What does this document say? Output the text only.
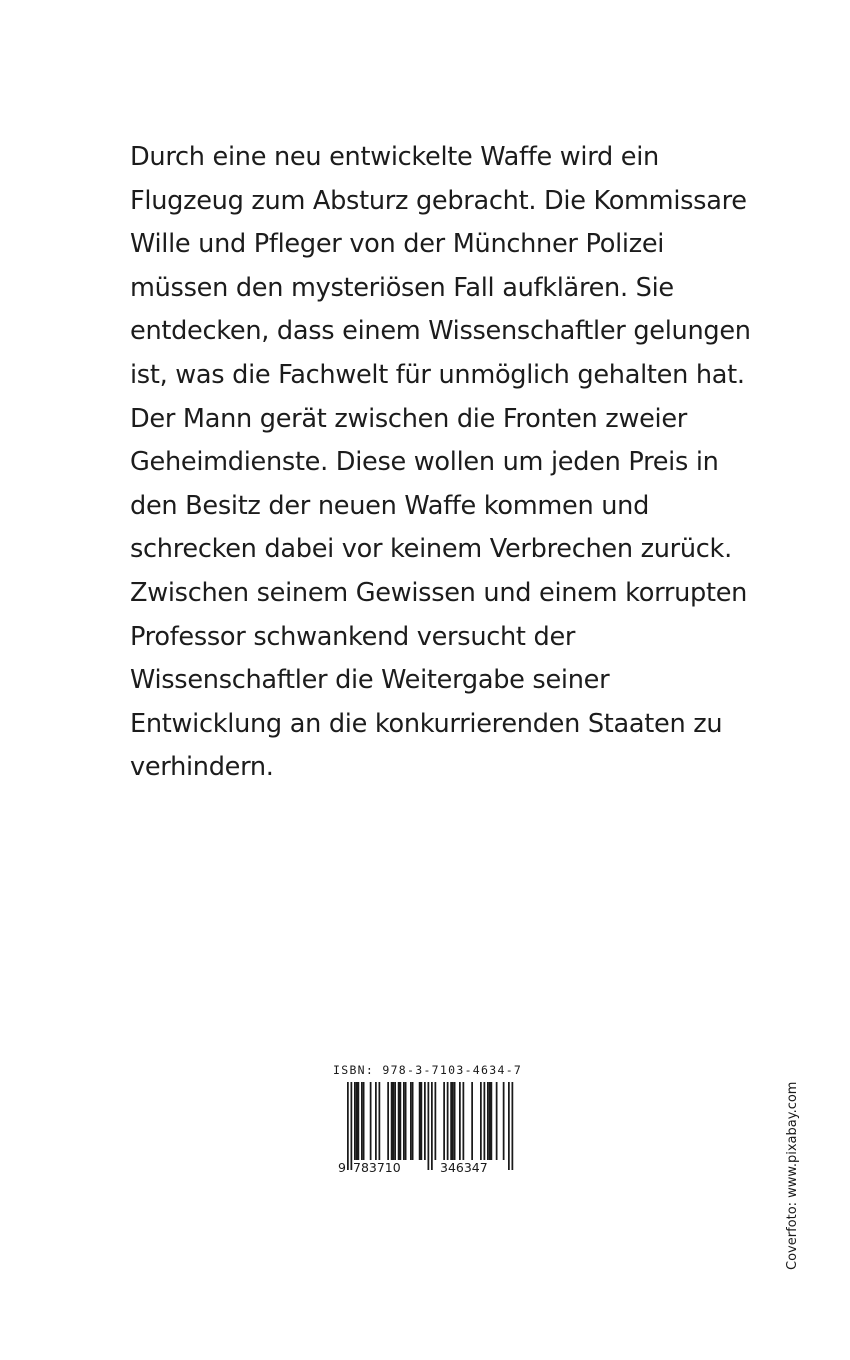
Durch eine neu entwickelte Waffe wird ein
Flugzeug zum Absturz gebracht. Die Kommissare
Wille und Pfleger von der Münchner Polizei
müssen den mysteriösen Fall aufklären. Sie
entdecken, dass einem Wissenschaftler gelungen
ist, was die Fachwelt für unmöglich gehalten hat.
Der Mann gerät zwischen die Fronten zweier
Geheimdienste. Diese wollen um jeden Preis in
den Besitz der neuen Waffe kommen und
schrecken dabei vor keinem Verbrechen zurück.
Zwischen seinem Gewissen und einem korrupten
Professor schwankend versucht der
Wissenschaftler die Weitergabe seiner
Entwicklung an die konkurrierenden Staaten zu
verhindern.
ISBN: 978-3-7103-4634-7
9 783710	346347	Coverfoto: www.pixabay.com
